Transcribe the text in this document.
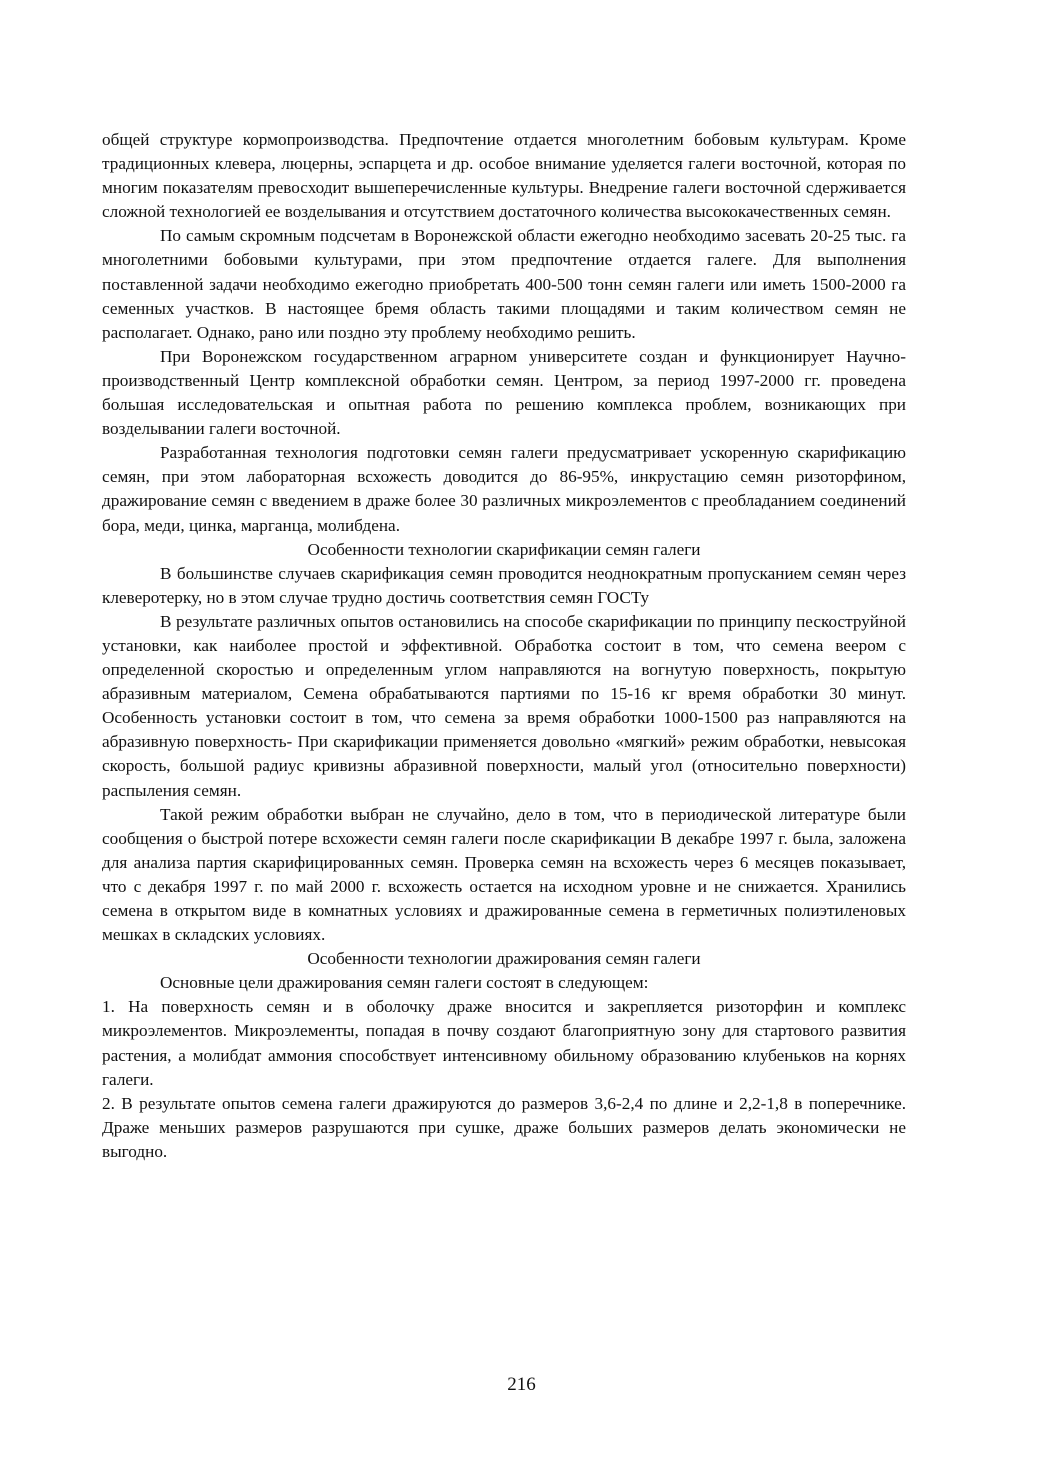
общей структуре кормопроизводства. Предпочтение отдается многолетним бобовым культурам. Кроме традиционных клевера, люцерны, эспарцета и др. особое внимание уделяется галеги восточной, которая по многим показателям превосходит вышеперечисленные культуры. Внедрение галеги восточной сдерживается сложной технологией ее возделывания и отсутствием достаточного количества высококачественных семян.

По самым скромным подсчетам в Воронежской области ежегодно необходимо засевать 20-25 тыс. га многолетними бобовыми культурами, при этом предпочтение отдается галеге. Для выполнения поставленной задачи необходимо ежегодно приобретать 400-500 тонн семян галеги или иметь 1500-2000 га семенных участков. В настоящее бремя область такими площадями и таким количеством семян не располагает. Однако, рано или поздно эту проблему необходимо решить.

При Воронежском государственном аграрном университете создан и функционирует Научно-производственный Центр комплексной обработки семян. Центром, за период 1997-2000 гг. проведена большая исследовательская и опытная работа по решению комплекса проблем, возникающих при возделывании галеги восточной.

Разработанная технология подготовки семян галеги предусматривает ускоренную скарификацию семян, при этом лабораторная всхожесть доводится до 86-95%, инкрустацию семян ризоторфином, дражирование семян с введением в драже более 30 различных микроэлементов с преобладанием соединений бора, меди, цинка, марганца, молибдена.

Особенности технологии скарификации семян галеги

В большинстве случаев скарификация семян проводится неоднократным пропусканием семян через клеверотерку, но в этом случае трудно достичь соответствия семян ГОСТу

В результате различных опытов остановились на способе скарификации по принципу пескоструйной установки, как наиболее простой и эффективной. Обработка состоит в том, что семена веером с определенной скоростью и определенным углом направляются на вогнутую поверхность, покрытую абразивным материалом, Семена обрабатываются партиями по 15-16 кг время обработки 30 минут. Особенность установки состоит в том, что семена за время обработки 1000-1500 раз направляются на абразивную поверхность- При скарификации применяется довольно «мягкий» режим обработки, невысокая скорость, большой радиус кривизны абразивной поверхности, малый угол (относительно поверхности) распыления семян.

Такой режим обработки выбран не случайно, дело в том, что в периодической литературе были сообщения о быстрой потере всхожести семян галеги после скарификации В декабре 1997 г. была, заложена для анализа партия скарифицированных семян. Проверка семян на всхожесть через 6 месяцев показывает, что с декабря 1997 г. по май 2000 г. всхожесть остается на исходном уровне и не снижается. Хранились семена в открытом виде в комнатных условиях и дражированные семена в герметичных полиэтиленовых мешках в складских условиях.

Особенности технологии дражирования семян галеги

Основные цели дражирования семян галеги состоят в следующем:

1. На поверхность семян и в оболочку драже вносится и закрепляется ризоторфин и комплекс микроэлементов. Микроэлементы, попадая в почву создают благоприятную зону для стартового развития растения, а молибдат аммония способствует интенсивному обильному образованию клубеньков на корнях галеги.

2. В результате опытов семена галеги дражируются до размеров 3,6-2,4 по длине и 2,2-1,8 в поперечнике. Драже меньших размеров разрушаются при сушке, драже больших размеров делать экономически не выгодно.

216
